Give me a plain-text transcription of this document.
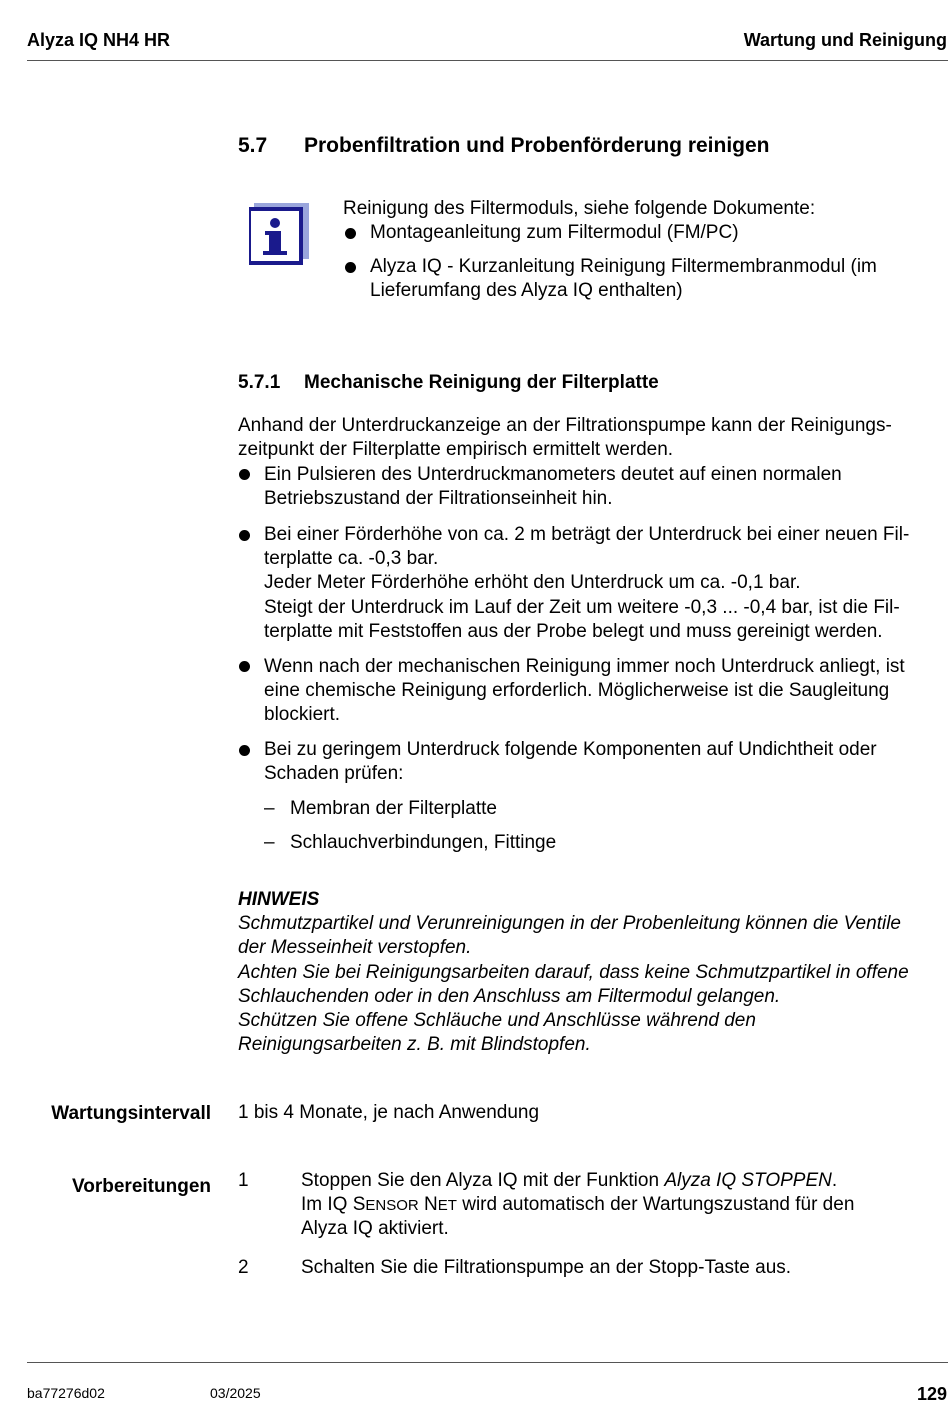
Alyza IQ NH4 HR	Wartung und Reinigung
5.7 Probenfiltration und Probenförderung reinigen
Reinigung des Filtermoduls, siehe folgende Dokumente:
Montageanleitung zum Filtermodul (FM/PC)
Alyza IQ - Kurzanleitung Reinigung Filtermembranmodul (im
Lieferumfang des Alyza IQ enthalten)
5.7.1 Mechanische Reinigung der Filterplatte
Anhand der Unterdruckanzeige an der Filtrationspumpe kann der Reinigungs-
zeitpunkt der Filterplatte empirisch ermittelt werden.
Ein Pulsieren des Unterdruckmanometers deutet auf einen normalen
Betriebszustand der Filtrationseinheit hin.
Bei einer Förderhöhe von ca. 2 m beträgt der Unterdruck bei einer neuen Fil-
terplatte ca. -0,3 bar.
Jeder Meter Förderhöhe erhöht den Unterdruck um ca. -0,1 bar.
Steigt der Unterdruck im Lauf der Zeit um weitere -0,3 ... -0,4 bar, ist die Fil-
terplatte mit Feststoffen aus der Probe belegt und muss gereinigt werden.
Wenn nach der mechanischen Reinigung immer noch Unterdruck anliegt, ist
eine chemische Reinigung erforderlich. Möglicherweise ist die Saugleitung
blockiert.
Bei zu geringem Unterdruck folgende Komponenten auf Undichtheit oder
Schaden prüfen:
– Membran der Filterplatte
– Schlauchverbindungen, Fittinge
HINWEIS
Schmutzpartikel und Verunreinigungen in der Probenleitung können die Ventile
der Messeinheit verstopfen.
Achten Sie bei Reinigungsarbeiten darauf, dass keine Schmutzpartikel in offene
Schlauchenden oder in den Anschluss am Filtermodul gelangen.
Schützen Sie offene Schläuche und Anschlüsse während den
Reinigungsarbeiten z. B. mit Blindstopfen.
Wartungsintervall 1 bis 4 Monate, je nach Anwendung
Vorbereitungen 1	Stoppen Sie den Alyza IQ mit der Funktion Alyza IQ STOPPEN.
Im IQ SENSOR NET wird automatisch der Wartungszustand für den
Alyza IQ aktiviert.
2	Schalten Sie die Filtrationspumpe an der Stopp-Taste aus.
ba77276d02	03/2025	129
